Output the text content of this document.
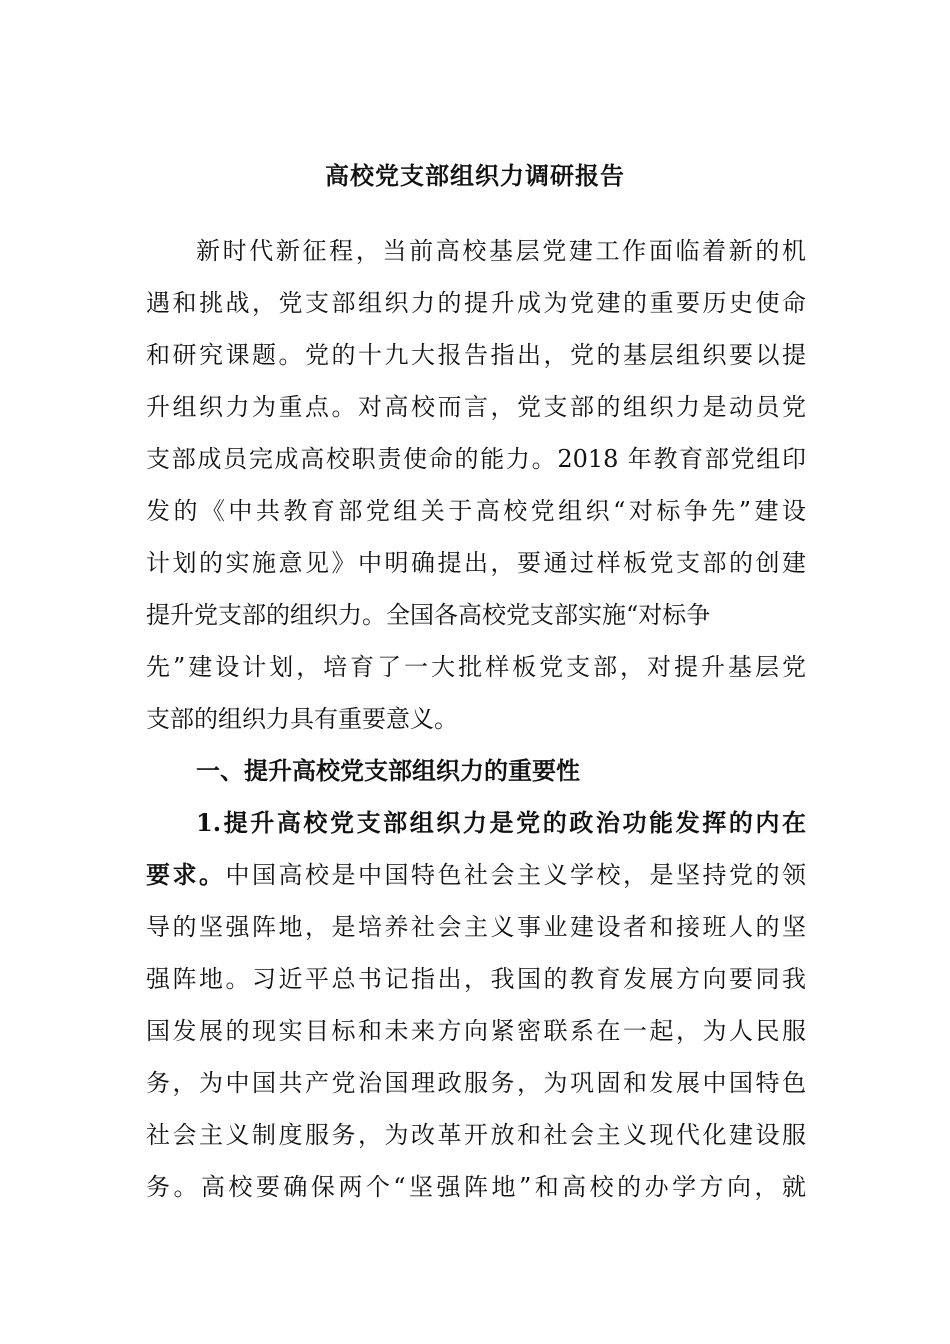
高校党支部组织力调研报告
新时代新征程，当前高校基层党建工作面临着新的机
遇和挑战，党支部组织力的提升成为党建的重要历史使命
和研究课题。党的十九大报告指出，党的基层组织要以提
升组织力为重点。对高校而言，党支部的组织力是动员党
支部成员完成高校职责使命的能力。2018 年教育部党组印
发的《中共教育部党组关于高校党组织“对标争先”建设
计划的实施意见》中明确提出，要通过样板党支部的创建
提升党支部的组织力。全国各高校党支部实施“对标争
先”建设计划，培育了一大批样板党支部，对提升基层党
支部的组织力具有重要意义。
一、提升高校党支部组织力的重要性
1.提升高校党支部组织力是党的政治功能发挥的内在
要求。中国高校是中国特色社会主义学校，是坚持党的领
导的坚强阵地，是培养社会主义事业建设者和接班人的坚
强阵地。习近平总书记指出，我国的教育发展方向要同我
国发展的现实目标和未来方向紧密联系在一起，为人民服
务，为中国共产党治国理政服务，为巩固和发展中国特色
社会主义制度服务，为改革开放和社会主义现代化建设服
务。高校要确保两个“坚强阵地”和高校的办学方向，就
